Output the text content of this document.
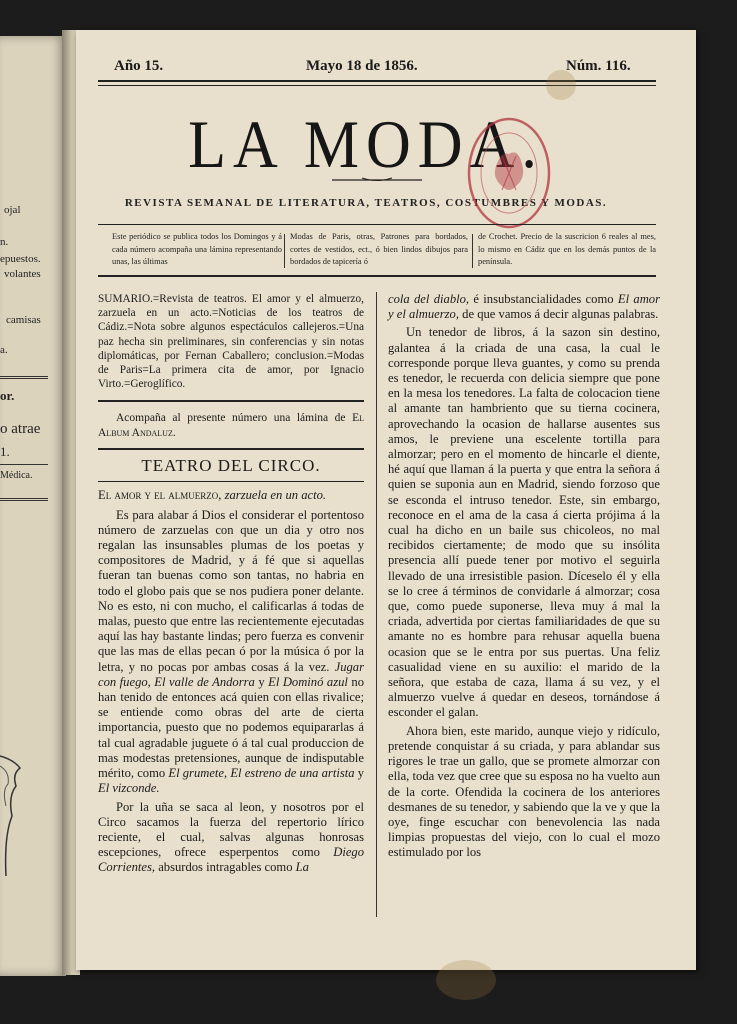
ojal
n.
epuestos.
volantes
camisas
a.
or.
o atrae
1.
Médica.
Año 15.	Mayo 18 de 1856.	Núm. 116.
LA MODA.
REVISTA SEMANAL DE LITERATURA, TEATROS, COSTUMBRES Y MODAS.
Este periódico se publica todos los Domingos y á cada número acompaña una lámina representando unas, las últimas
Modas de Paris, otras, Patrones para bordados, cortes de vestidos, ect., ó bien lindos dibujos para bordados de tapicería ó
de Crochet. Precio de la suscricion 6 reales al mes, lo mismo en Cádiz que en los demás puntos de la península.

SUMARIO.=Revista de teatros. El amor y el almuerzo, zarzuela en un acto.=Noticias de los teatros de Cádiz.=Nota sobre algunos espectáculos callejeros.=Una paz hecha sin preliminares, sin conferencias y sin notas diplomáticas, por Fernan Caballero; conclusion.=Modas de Paris=La primera cita de amor, por Ignacio Virto.=Geroglífico.

Acompaña al presente número una lámina de El Album Andaluz.

TEATRO DEL CIRCO.

El amor y el almuerzo, zarzuela en un acto.

Es para alabar á Dios el considerar el portentoso número de zarzuelas con que un dia y otro nos regalan las insunsables plumas de los poetas y compositores de Madrid, y á fé que si aquellas fueran tan buenas como son tantas, no habria en todo el globo pais que se nos pudiera poner delante. No es esto, ni con mucho, el calificarlas á todas de malas, puesto que entre las recientemente ejecutadas aquí las hay bastante lindas; pero fuerza es convenir que las mas de ellas pecan ó por la música ó por la letra, y no pocas por ambas cosas á la vez. Jugar con fuego, El valle de Andorra y El Dominó azul no han tenido de entonces acá quien con ellas rivalice; se entiende como obras del arte de cierta importancia, puesto que no podemos equipararlas á tal cual agradable juguete ó á tal cual produccion de mas modestas pretensiones, aunque de indisputable mérito, como El grumete, El estreno de una artista y El vizconde.

Por la uña se saca al leon, y nosotros por el Circo sacamos la fuerza del repertorio lírico reciente, el cual, salvas algunas honrosas escepciones, ofrece esperpentos como Diego Corrientes, absurdos intragables como La

cola del diablo, é insubstancialidades como El amor y el almuerzo, de que vamos á decir algunas palabras.

Un tenedor de libros, á la sazon sin destino, galantea á la criada de una casa, la cual le corresponde porque lleva guantes, y como su prenda es tenedor, le recuerda con delicia siempre que pone en la mesa los tenedores. La falta de colocacion tiene al amante tan hambriento que su tierna cocinera, aprovechando la ocasion de hallarse ausentes sus amos, le previene una escelente tortilla para almorzar; pero en el momento de hincarle el diente, hé aquí que llaman á la puerta y que entra la señora á quien se suponia aun en Madrid, siendo forzoso que se esconda el intruso tenedor. Este, sin embargo, reconoce en el ama de la casa á cierta prójima á la cual ha dicho en un baile sus chicoleos, no mal recibidos ciertamente; de modo que su insólita presencia allí puede tener por motivo el seguirla llevado de una irresistible pasion. Díceselo él y ella se lo cree á términos de convidarle á almorzar; cosa que, como puede suponerse, lleva muy á mal la criada, advertida por ciertas familiaridades de que su amante no es hombre para rehusar aquella buena ocasion que se le entra por sus puertas. Una feliz casualidad viene en su auxilio: el marido de la señora, que estaba de caza, llama á su vez, y el almuerzo vuelve á quedar en deseos, tornándose á esconder el galan.

Ahora bien, este marido, aunque viejo y ridículo, pretende conquistar á su criada, y para ablandar sus rigores le trae un gallo, que se promete almorzar con ella, toda vez que cree que su esposa no ha vuelto aun de la corte. Ofendida la cocinera de los anteriores desmanes de su tenedor, y sabiendo que la ve y que la oye, finge escuchar con benevolencia las nada limpias propuestas del viejo, con lo cual el mozo estimulado por los
